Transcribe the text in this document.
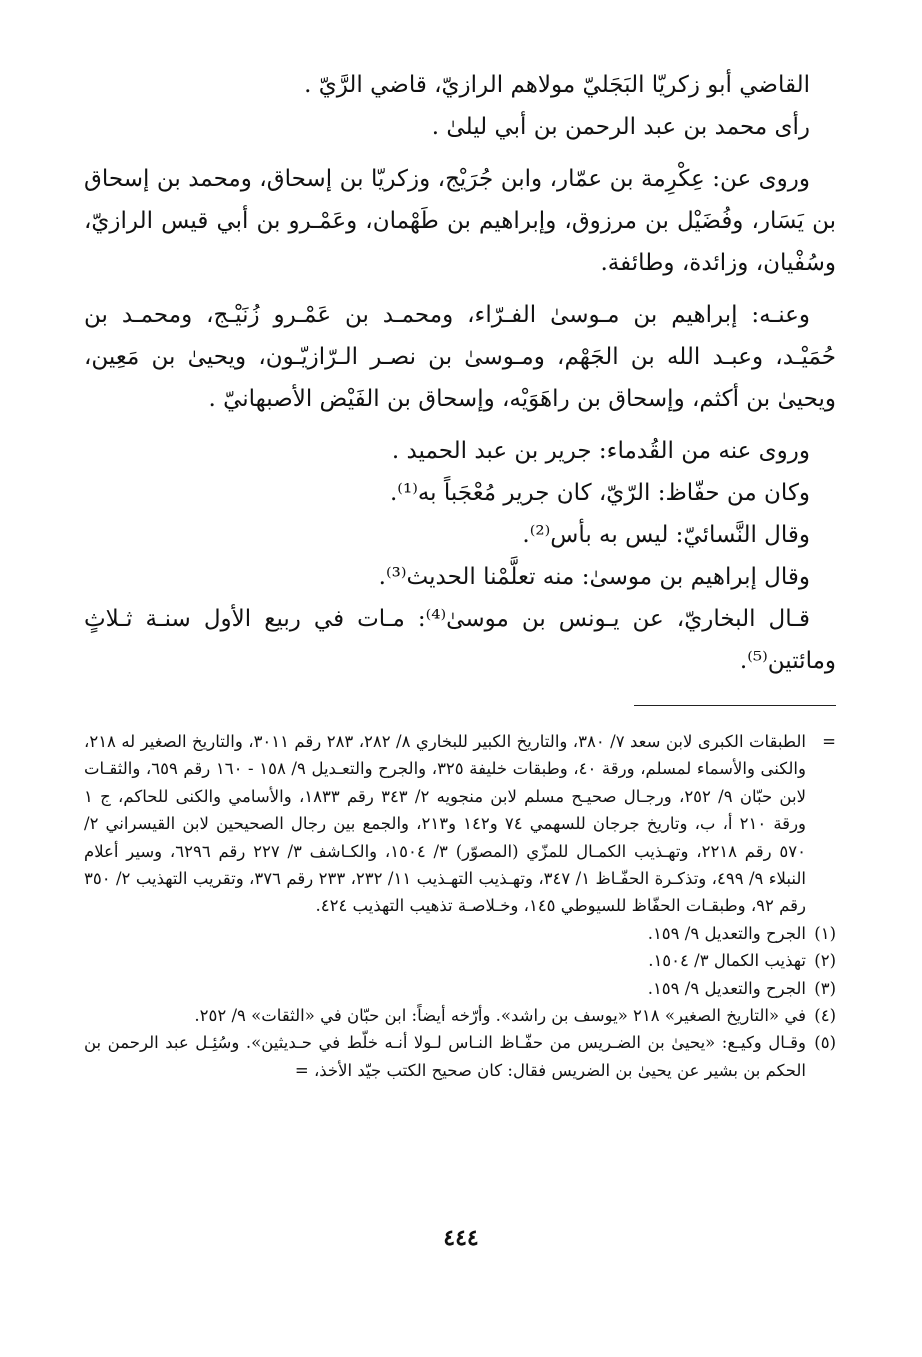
القاضي أبو زكريّا البَجَليّ مولاهم الرازيّ، قاضي الرَّيّ .

رأى محمد بن عبد الرحمن بن أبي ليلىٰ .

وروى عن: عِكْرِمة بن عمّار، وابن جُرَيْج، وزكريّا بن إسحاق، ومحمد بن إسحاق بن يَسَار، وفُضَيْل بن مرزوق، وإبراهيم بن طَهْمان، وعَمْـرو بن أبي قيس الرازيّ، وسُفْيان، وزائدة، وطائفة.

وعنـه: إبراهيم بن مـوسىٰ الفـرّاء، ومحمـد بن عَمْـرو زُنَيْـج، ومحمـد بن حُمَيْـد، وعبـد الله بن الجَهْم، ومـوسىٰ بن نصـر الـرّازيّـون، ويحيىٰ بن مَعِين، ويحيىٰ بن أكثم، وإسحاق بن راهَوَيْه، وإسحاق بن الفَيْض الأصبهانيّ .

وروى عنه من القُدماء: جرير بن عبد الحميد .

وكان من حفّاظ: الرّيّ، كان جرير مُعْجَباً به⁽¹⁾.

وقال النَّسائيّ: ليس به بأس⁽²⁾.

وقال إبراهيم بن موسىٰ: منه تعلَّمْنا الحديث⁽³⁾.

قـال البخاريّ، عن يـونس بن موسىٰ⁽⁴⁾: مـات في ربيع الأول سنـة ثـلاثٍ ومائتين⁽⁵⁾.

=
الطبقات الكبرى لابن سعد ٧/ ٣٨٠، والتاريخ الكبير للبخاري ٨/ ٢٨٢، ٢٨٣ رقم ٣٠١١، والتاريخ الصغير له ٢١٨، والكنى والأسماء لمسلم، ورقة ٤٠، وطبقات خليفة ٣٢٥، والجرح والتعـديل ٩/ ١٥٨ - ١٦٠ رقم ٦٥٩، والثقـات لابن حبّان ٩/ ٢٥٢، ورجـال صحيـح مسلم لابن منجويه ٢/ ٣٤٣ رقم ١٨٣٣، والأسامي والكنى للحاكم، ج ١ ورقة ٢١٠ أ، ب، وتاريخ جرجان للسهمي ٧٤ و١٤٢ و٢١٣، والجمع بين رجال الصحيحين لابن القيسراني ٢/ ٥٧٠ رقم ٢٢١٨، وتهـذيب الكمـال للمزّي (المصوّر) ٣/ ١٥٠٤، والكـاشف ٣/ ٢٢٧ رقم ٦٢٩٦، وسير أعلام النبلاء ٩/ ٤٩٩، وتذكـرة الحفّـاظ ١/ ٣٤٧، وتهـذيب التهـذيب ١١/ ٢٣٢، ٢٣٣ رقم ٣٧٦، وتقريب التهذيب ٢/ ٣٥٠ رقم ٩٢، وطبقـات الحفّاظ للسيوطي ١٤٥، وخـلاصـة تذهيب التهذيب ٤٢٤.

(١)
الجرح والتعديل ٩/ ١٥٩.
(٢)
تهذيب الكمال ٣/ ١٥٠٤.
(٣)
الجرح والتعديل ٩/ ١٥٩.
(٤)
في «التاريخ الصغير» ٢١٨ «يوسف بن راشد». وأرّخه أيضاً: ابن حبّان في «الثقات» ٩/ ٢٥٢.
(٥)
وقـال وكيـع: «يحيىٰ بن الضـريس من حفّـاظ النـاس لـولا أنـه خلّط في حـديثين». وسُئِـل عبد الرحمن بن الحكم بن بشير عن يحيىٰ بن الضريس فقال: كان صحيح الكتب جيّد الأخذ، =
٤٤٤
